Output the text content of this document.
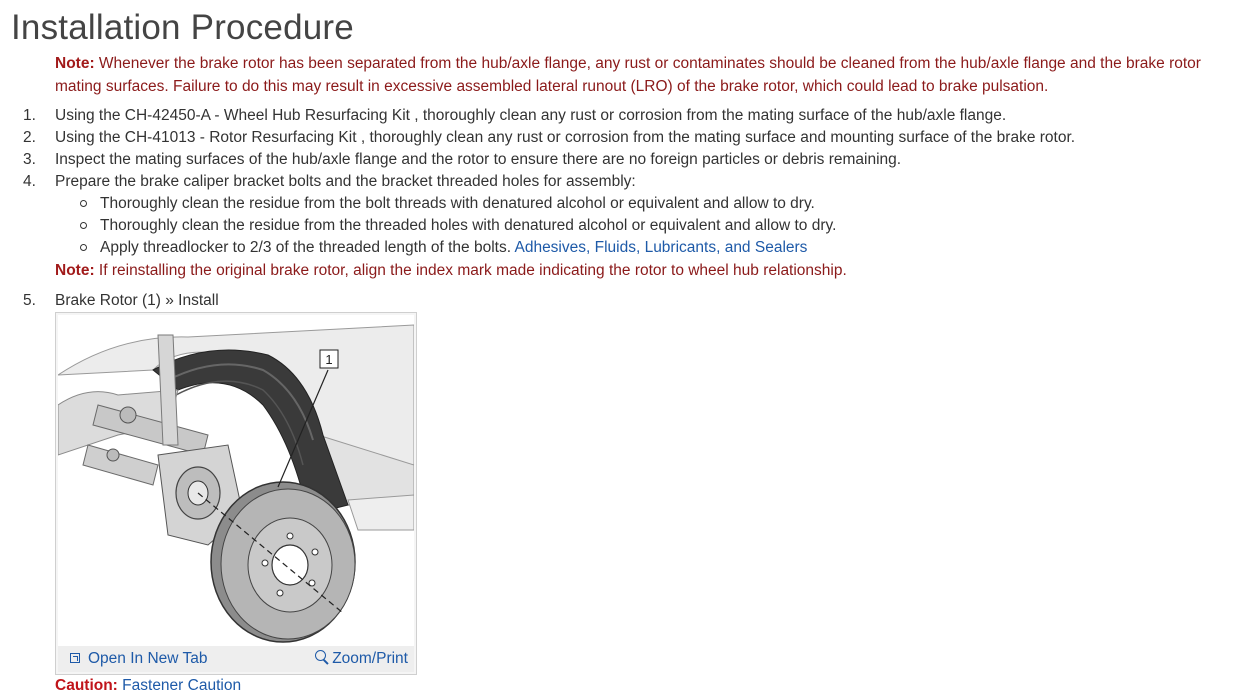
Installation Procedure
Note: Whenever the brake rotor has been separated from the hub/axle flange, any rust or contaminates should be cleaned from the hub/axle flange and the brake rotor mating surfaces. Failure to do this may result in excessive assembled lateral runout (LRO) of the brake rotor, which could lead to brake pulsation.
1.	Using the CH-42450-A - Wheel Hub Resurfacing Kit , thoroughly clean any rust or corrosion from the mating surface of the hub/axle flange.
2.	Using the CH-41013 - Rotor Resurfacing Kit , thoroughly clean any rust or corrosion from the mating surface and mounting surface of the brake rotor.
3.	Inspect the mating surfaces of the hub/axle flange and the rotor to ensure there are no foreign particles or debris remaining.
4.	Prepare the brake caliper bracket bolts and the bracket threaded holes for assembly:
Thoroughly clean the residue from the bolt threads with denatured alcohol or equivalent and allow to dry.
Thoroughly clean the residue from the threaded holes with denatured alcohol or equivalent and allow to dry.
Apply threadlocker to 2/3 of the threaded length of the bolts. Adhesives, Fluids, Lubricants, and Sealers
Note: If reinstalling the original brake rotor, align the index mark made indicating the rotor to wheel hub relationship.
5.	Brake Rotor (1) » Install
1
Open In New Tab	Zoom/Print
Caution: Fastener Caution
